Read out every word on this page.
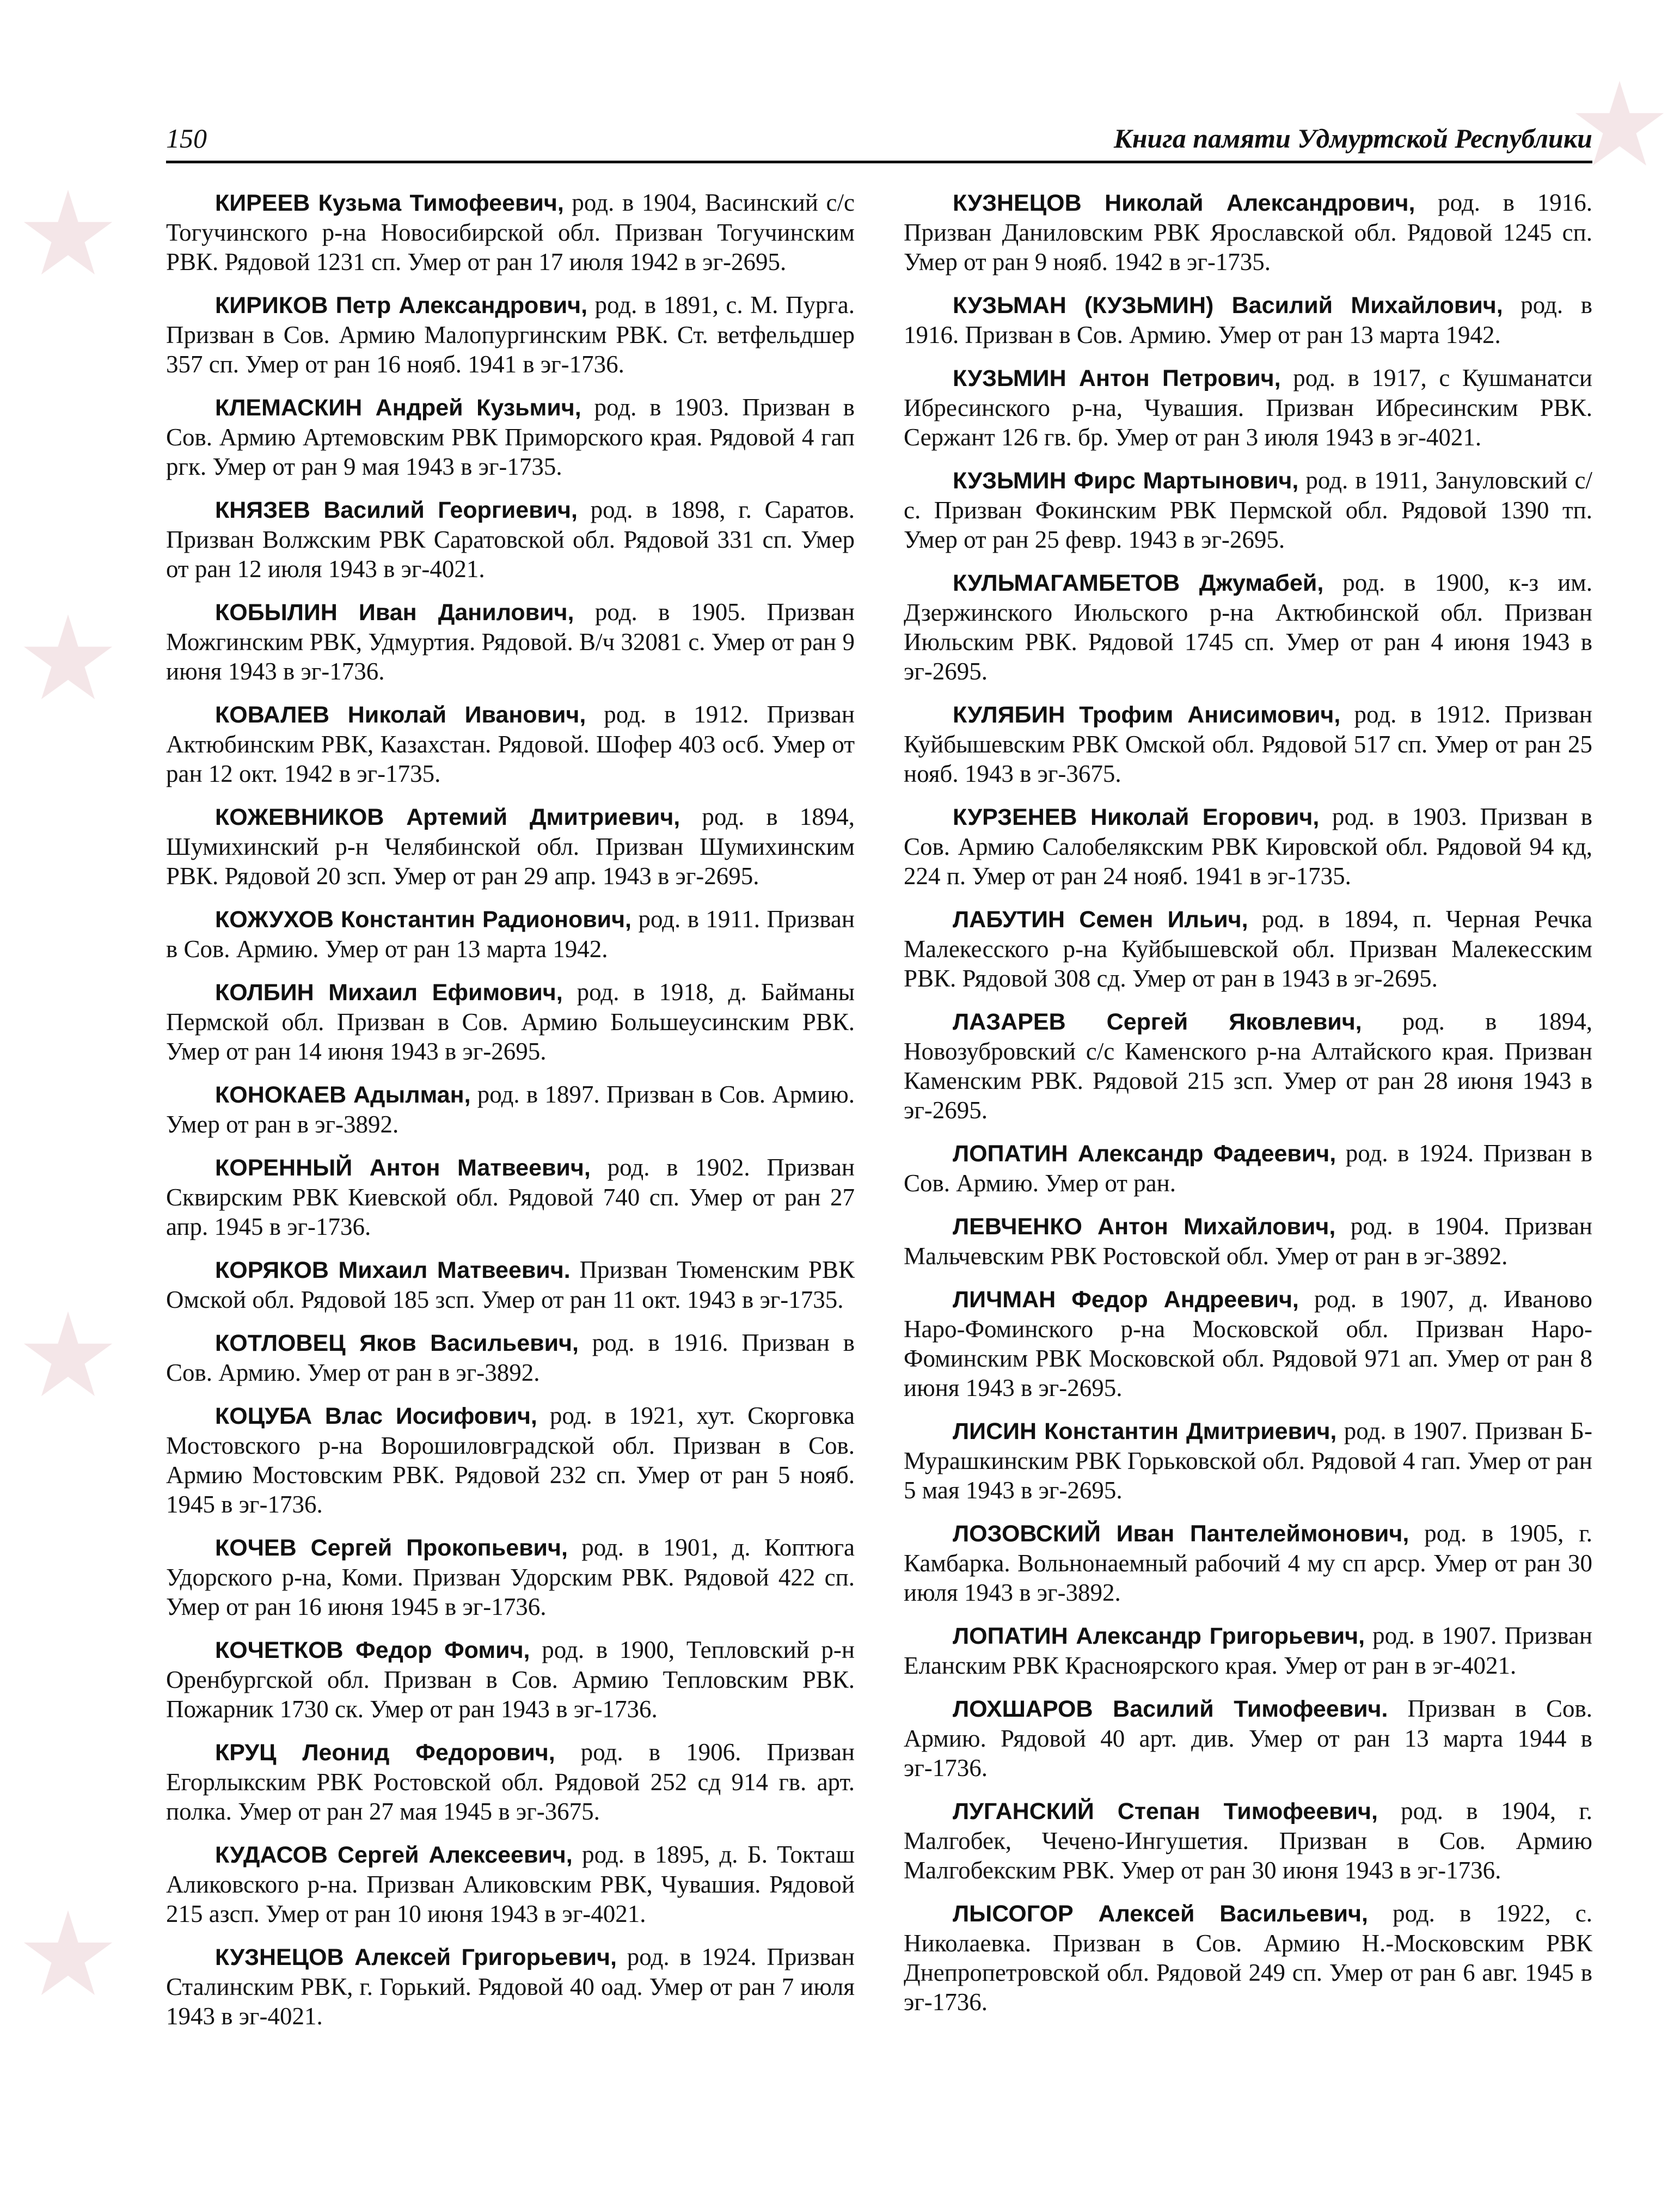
150	Книга памяти Удмуртской Республики

КИРЕЕВ Кузьма Тимофеевич, род. в 1904, Васинский с/с Тогучинского р-на Новосибирской обл. Призван Тогучинским РВК. Рядовой 1231 сп. Умер от ран 17 июля 1942 в эг-2695.

КИРИКОВ Петр Александрович, род. в 1891, с. М. Пурга. Призван в Сов. Армию Малопургинским РВК. Ст. ветфельдшер 357 сп. Умер от ран 16 нояб. 1941 в эг-1736.

КЛЕМАСКИН Андрей Кузьмич, род. в 1903. Призван в Сов. Армию Артемовским РВК Приморского края. Рядовой 4 гап ргк. Умер от ран 9 мая 1943 в эг-1735.

КНЯЗЕВ Василий Георгиевич, род. в 1898, г. Саратов. Призван Волжским РВК Саратовской обл. Рядовой 331 сп. Умер от ран 12 июля 1943 в эг-4021.

КОБЫЛИН Иван Данилович, род. в 1905. Призван Можгинским РВК, Удмуртия. Рядовой. В/ч 32081 с. Умер от ран 9 июня 1943 в эг-1736.

КОВАЛЕВ Николай Иванович, род. в 1912. Призван Актюбинским РВК, Казахстан. Рядовой. Шофер 403 осб. Умер от ран 12 окт. 1942 в эг-1735.

КОЖЕВНИКОВ Артемий Дмитриевич, род. в 1894, Шумихинский р-н Челябинской обл. Призван Шумихинским РВК. Рядовой 20 зсп. Умер от ран 29 апр. 1943 в эг-2695.

КОЖУХОВ Константин Радионович, род. в 1911. Призван в Сов. Армию. Умер от ран 13 марта 1942.

КОЛБИН Михаил Ефимович, род. в 1918, д. Байманы Пермской обл. Призван в Сов. Армию Большеусинским РВК. Умер от ран 14 июня 1943 в эг-2695.

КОНОКАЕВ Адылман, род. в 1897. Призван в Сов. Армию. Умер от ран в эг-3892.

КОРЕННЫЙ Антон Матвеевич, род. в 1902. Призван Сквирским РВК Киевской обл. Рядовой 740 сп. Умер от ран 27 апр. 1945 в эг-1736.

КОРЯКОВ Михаил Матвеевич. Призван Тюменским РВК Омской обл. Рядовой 185 зсп. Умер от ран 11 окт. 1943 в эг-1735.

КОТЛОВЕЦ Яков Васильевич, род. в 1916. Призван в Сов. Армию. Умер от ран в эг-3892.

КОЦУБА Влас Иосифович, род. в 1921, хут. Скорговка Мостовского р-на Ворошиловградской обл. Призван в Сов. Армию Мостовским РВК. Рядовой 232 сп. Умер от ран 5 нояб. 1945 в эг-1736.

КОЧЕВ Сергей Прокопьевич, род. в 1901, д. Коптюга Удорского р-на, Коми. Призван Удорским РВК. Рядовой 422 сп. Умер от ран 16 июня 1945 в эг-1736.

КОЧЕТКОВ Федор Фомич, род. в 1900, Тепловский р-н Оренбургской обл. Призван в Сов. Армию Тепловским РВК. Пожарник 1730 ск. Умер от ран 1943 в эг-1736.

КРУЦ Леонид Федорович, род. в 1906. Призван Егорлыкским РВК Ростовской обл. Рядовой 252 сд 914 гв. арт. полка. Умер от ран 27 мая 1945 в эг-3675.

КУДАСОВ Сергей Алексеевич, род. в 1895, д. Б. Токташ Аликовского р-на. Призван Аликовским РВК, Чувашия. Рядовой 215 азсп. Умер от ран 10 июня 1943 в эг-4021.

КУЗНЕЦОВ Алексей Григорьевич, род. в 1924. Призван Сталинским РВК, г. Горький. Рядовой 40 оад. Умер от ран 7 июля 1943 в эг-4021.

КУЗНЕЦОВ Николай Александрович, род. в 1916. Призван Даниловским РВК Ярославской обл. Рядовой 1245 сп. Умер от ран 9 нояб. 1942 в эг-1735.

КУЗЬМАН (КУЗЬМИН) Василий Михайлович, род. в 1916. Призван в Сов. Армию. Умер от ран 13 марта 1942.

КУЗЬМИН Антон Петрович, род. в 1917, с Кушманатси Ибресинского р-на, Чувашия. Призван Ибресинским РВК. Сержант 126 гв. бр. Умер от ран 3 июля 1943 в эг-4021.

КУЗЬМИН Фирс Мартынович, род. в 1911, Зануловский с/с. Призван Фокинским РВК Пермской обл. Рядовой 1390 тп. Умер от ран 25 февр. 1943 в эг-2695.

КУЛЬМАГАМБЕТОВ Джумабей, род. в 1900, к-з им. Дзержинского Июльского р-на Актюбинской обл. Призван Июльским РВК. Рядовой 1745 сп. Умер от ран 4 июня 1943 в эг-2695.

КУЛЯБИН Трофим Анисимович, род. в 1912. Призван Куйбышевским РВК Омской обл. Рядовой 517 сп. Умер от ран 25 нояб. 1943 в эг-3675.

КУРЗЕНЕВ Николай Егорович, род. в 1903. Призван в Сов. Армию Салобелякским РВК Кировской обл. Рядовой 94 кд, 224 п. Умер от ран 24 нояб. 1941 в эг-1735.

ЛАБУТИН Семен Ильич, род. в 1894, п. Черная Речка Малекесского р-на Куйбышевской обл. Призван Малекесским РВК. Рядовой 308 сд. Умер от ран в 1943 в эг-2695.

ЛАЗАРЕВ Сергей Яковлевич, род. в 1894, Новозубровский с/с Каменского р-на Алтайского края. Призван Каменским РВК. Рядовой 215 зсп. Умер от ран 28 июня 1943 в эг-2695.

ЛОПАТИН Александр Фадеевич, род. в 1924. Призван в Сов. Армию. Умер от ран.

ЛЕВЧЕНКО Антон Михайлович, род. в 1904. Призван Мальчевским РВК Ростовской обл. Умер от ран в эг-3892.

ЛИЧМАН Федор Андреевич, род. в 1907, д. Иваново Наро-Фоминского р-на Московской обл. Призван Наро-Фоминским РВК Московской обл. Рядовой 971 ап. Умер от ран 8 июня 1943 в эг-2695.

ЛИСИН Константин Дмитриевич, род. в 1907. Призван Б-Мурашкинским РВК Горьковской обл. Рядовой 4 гап. Умер от ран 5 мая 1943 в эг-2695.

ЛОЗОВСКИЙ Иван Пантелеймонович, род. в 1905, г. Камбарка. Вольнонаемный рабочий 4 му сп арср. Умер от ран 30 июля 1943 в эг-3892.

ЛОПАТИН Александр Григорьевич, род. в 1907. Призван Еланским РВК Красноярского края. Умер от ран в эг-4021.

ЛОХШАРОВ Василий Тимофеевич. Призван в Сов. Армию. Рядовой 40 арт. див. Умер от ран 13 марта 1944 в эг-1736.

ЛУГАНСКИЙ Степан Тимофеевич, род. в 1904, г. Малгобек, Чечено-Ингушетия. Призван в Сов. Армию Малгобекским РВК. Умер от ран 30 июня 1943 в эг-1736.

ЛЫСОГОР Алексей Васильевич, род. в 1922, с. Николаевка. Призван в Сов. Армию Н.-Московским РВК Днепропетровской обл. Рядовой 249 сп. Умер от ран 6 авг. 1945 в эг-1736.
